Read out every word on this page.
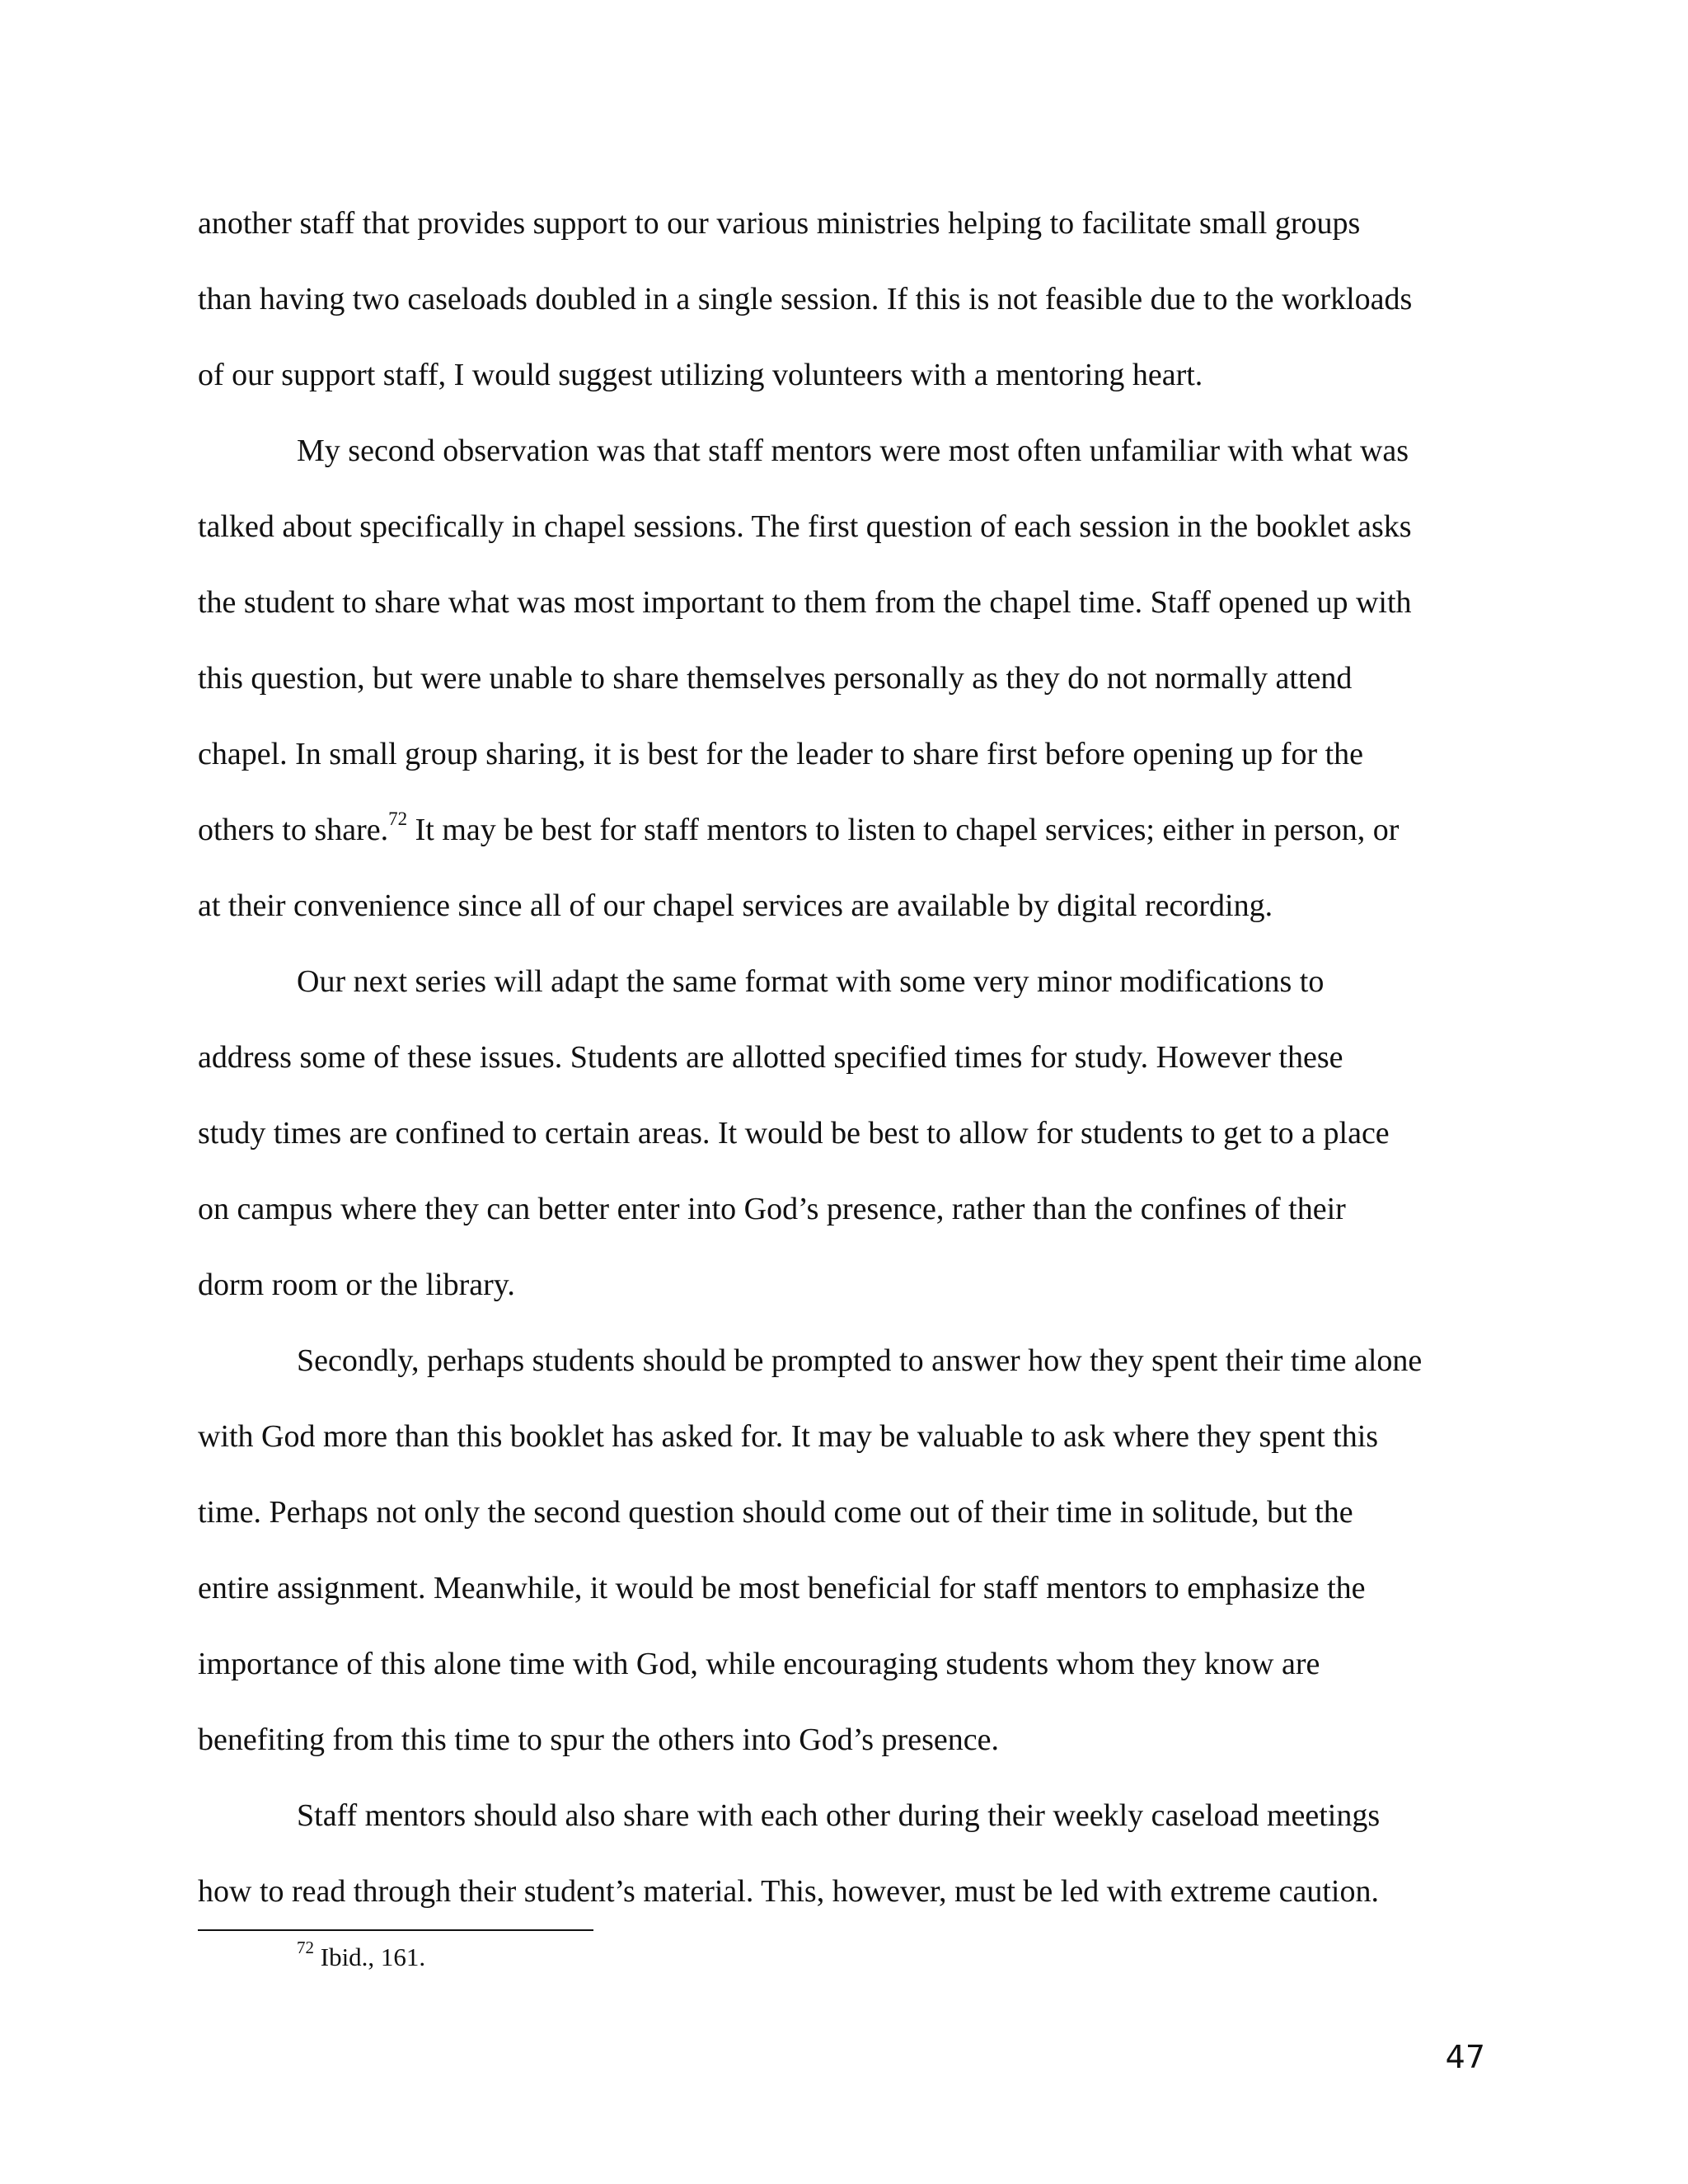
another staff that provides support to our various ministries helping to facilitate small groups
than having two caseloads doubled in a single session. If this is not feasible due to the workloads
of our support staff, I would suggest utilizing volunteers with a mentoring heart.
My second observation was that staff mentors were most often unfamiliar with what was
talked about specifically in chapel sessions. The first question of each session in the booklet asks
the student to share what was most important to them from the chapel time. Staff opened up with
this question, but were unable to share themselves personally as they do not normally attend
chapel. In small group sharing, it is best for the leader to share first before opening up for the
others to share.$^{72}$ It may be best for staff mentors to listen to chapel services; either in person, or
at their convenience since all of our chapel services are available by digital recording.
Our next series will adapt the same format with some very minor modifications to
address some of these issues. Students are allotted specified times for study. However these
study times are confined to certain areas. It would be best to allow for students to get to a place
on campus where they can better enter into God’s presence, rather than the confines of their
dorm room or the library.
Secondly, perhaps students should be prompted to answer how they spent their time alone
with God more than this booklet has asked for. It may be valuable to ask where they spent this
time. Perhaps not only the second question should come out of their time in solitude, but the
entire assignment. Meanwhile, it would be most beneficial for staff mentors to emphasize the
importance of this alone time with God, while encouraging students whom they know are
benefiting from this time to spur the others into God’s presence.
Staff mentors should also share with each other during their weekly caseload meetings
how to read through their student’s material. This, however, must be led with extreme caution.
$^{72}$ Ibid., 161.
47
